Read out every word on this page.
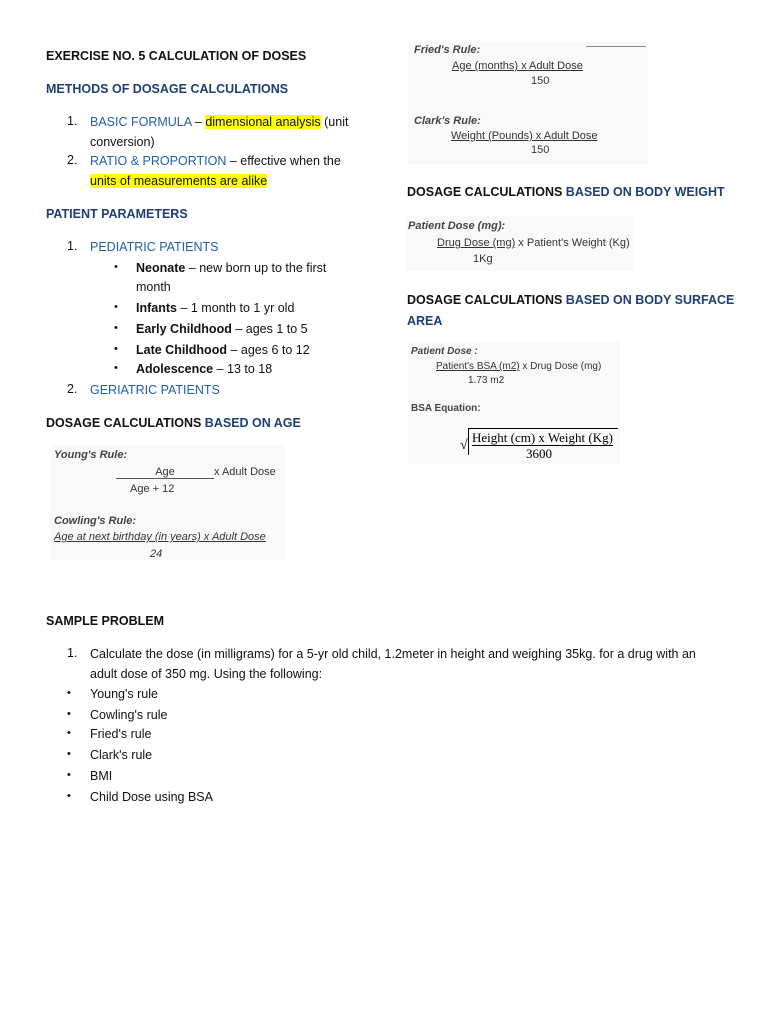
EXERCISE NO. 5 CALCULATION OF DOSES
METHODS OF DOSAGE CALCULATIONS
1. BASIC FORMULA – dimensional analysis (unit
conversion)
2. RATIO & PROPORTION – effective when the
units of measurements are alike
PATIENT PARAMETERS
1. PEDIATRIC PATIENTS
• Neonate – new born up to the first
month
• Infants – 1 month to 1 yr old
• Early Childhood – ages 1 to 5
• Late Childhood – ages 6 to 12
• Adolescence – 13 to 18
2. GERIATRIC PATIENTS
DOSAGE CALCULATIONS BASED ON AGE
Young's Rule:
Age	x Adult Dose
Age + 12
Cowling's Rule:
Age at next birthday (in years) x Adult Dose
24
Fried's Rule:
Age (months) x Adult Dose
150
Clark's Rule:
Weight (Pounds) x Adult Dose
150
DOSAGE CALCULATIONS BASED ON BODY WEIGHT
Patient Dose (mg):
Drug Dose (mg) x Patient's Weight (Kg)
1Kg
DOSAGE CALCULATIONS BASED ON BODY SURFACE
AREA
Patient Dose :
Patient's BSA (m2) x Drug Dose (mg)
1.73 m2
BSA Equation:
√
Height (cm) x Weight (Kg)
3600
SAMPLE PROBLEM
1. Calculate the dose (in milligrams) for a 5-yr old child, 1.2meter in height and weighing 35kg. for a drug with an
adult dose of 350 mg. Using the following:
• Young's rule
• Cowling's rule
• Fried's rule
• Clark's rule
• BMI
• Child Dose using BSA
